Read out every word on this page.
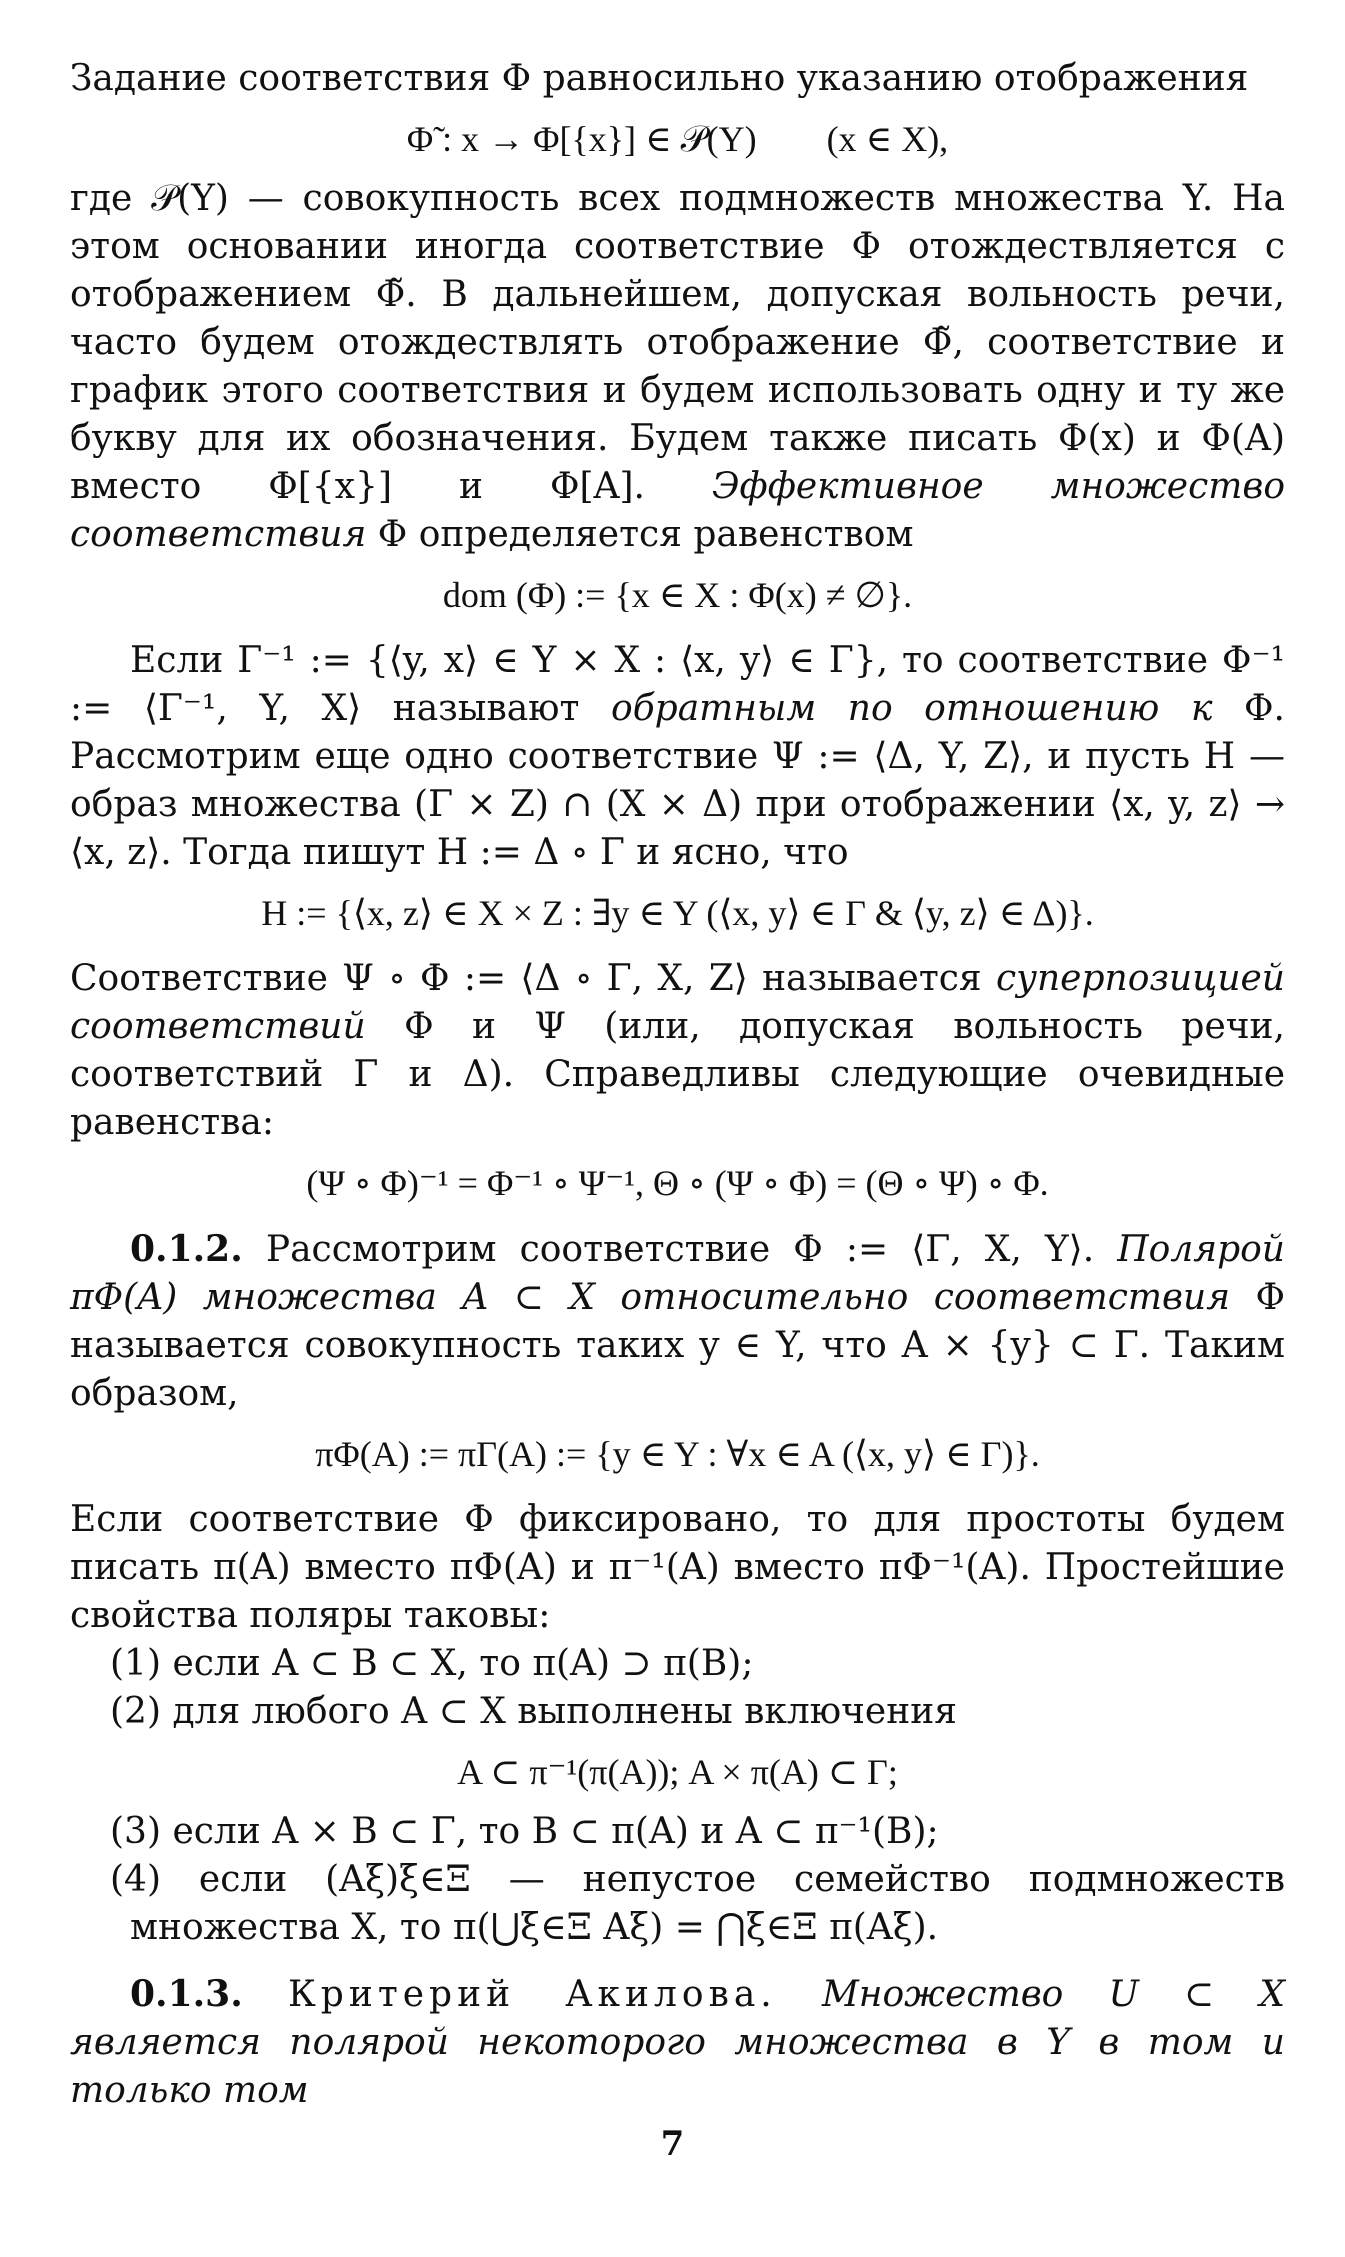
Задание соответствия Φ равносильно указанию отображения

Φ̃ : x → Φ[{x}] ∈ 𝒫(Y) (x ∈ X),

где 𝒫(Y) — совокупность всех подмножеств множества Y. На этом основании иногда соответствие Φ отождествляется с отображением Φ̃. В дальнейшем, допуская вольность речи, часто будем отождествлять отображение Φ̃, соответствие и график этого соответствия и будем использовать одну и ту же букву для их обозначения. Будем также писать Φ(x) и Φ(A) вместо Φ[{x}] и Φ[A]. Эффективное множество соответствия Φ определяется равенством

dom (Φ) := {x ∈ X : Φ(x) ≠ ∅}.

Если Γ⁻¹ := {⟨y, x⟩ ∈ Y × X : ⟨x, y⟩ ∈ Γ}, то соответствие Φ⁻¹ := ⟨Γ⁻¹, Y, X⟩ называют обратным по отношению к Φ. Рассмотрим еще одно соответствие Ψ := ⟨Δ, Y, Z⟩, и пусть H — образ множества (Γ × Z) ∩ (X × Δ) при отображении ⟨x, y, z⟩ → ⟨x, z⟩. Тогда пишут H := Δ ∘ Γ и ясно, что

H := {⟨x, z⟩ ∈ X × Z : ∃y ∈ Y (⟨x, y⟩ ∈ Γ & ⟨y, z⟩ ∈ Δ)}.

Соответствие Ψ ∘ Φ := ⟨Δ ∘ Γ, X, Z⟩ называется суперпозицией соответствий Φ и Ψ (или, допуская вольность речи, соответствий Γ и Δ). Справедливы следующие очевидные равенства:

(Ψ ∘ Φ)⁻¹ = Φ⁻¹ ∘ Ψ⁻¹, Θ ∘ (Ψ ∘ Φ) = (Θ ∘ Ψ) ∘ Φ.

0.1.2. Рассмотрим соответствие Φ := ⟨Γ, X, Y⟩. Полярой πΦ(A) множества A ⊂ X относительно соответствия Φ называется совокупность таких y ∈ Y, что A × {y} ⊂ Γ. Таким образом,

πΦ(A) := πΓ(A) := {y ∈ Y : ∀x ∈ A (⟨x, y⟩ ∈ Γ)}.

Если соответствие Φ фиксировано, то для простоты будем писать π(A) вместо πΦ(A) и π⁻¹(A) вместо πΦ⁻¹(A). Простейшие свойства поляры таковы:

(1) если A ⊂ B ⊂ X, то π(A) ⊃ π(B);

(2) для любого A ⊂ X выполнены включения

A ⊂ π⁻¹(π(A)); A × π(A) ⊂ Γ;

(3) если A × B ⊂ Γ, то B ⊂ π(A) и A ⊂ π⁻¹(B);

(4) если (Aξ)ξ∈Ξ — непустое семейство подмножеств множества X, то π(⋃ξ∈Ξ Aξ) = ⋂ξ∈Ξ π(Aξ).

0.1.3. Критерий Акилова. Множество U ⊂ X является полярой некоторого множества в Y в том и только том

7
